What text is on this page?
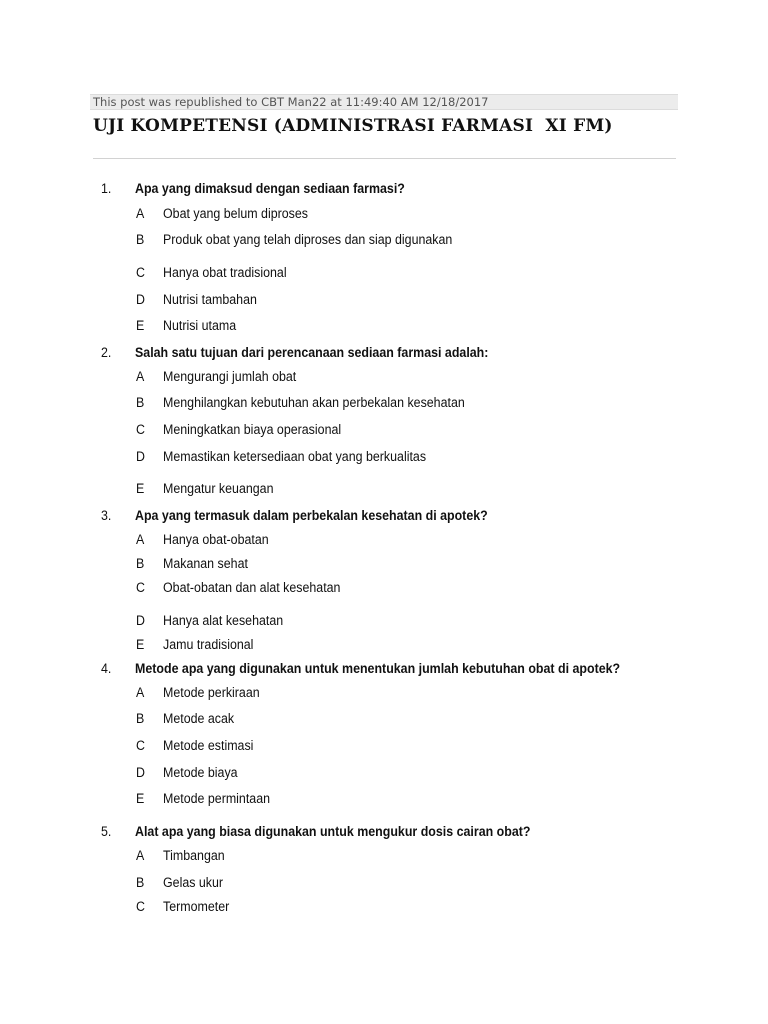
This post was republished to CBT Man22 at 11:49:40 AM 12/18/2017
UJI KOMPETENSI (ADMINISTRASI FARMASI  XI FM)
1. Apa yang dimaksud dengan sediaan farmasi?
A Obat yang belum diproses
B Produk obat yang telah diproses dan siap digunakan
C Hanya obat tradisional
D Nutrisi tambahan
E Nutrisi utama
2. Salah satu tujuan dari perencanaan sediaan farmasi adalah:
A Mengurangi jumlah obat
B Menghilangkan kebutuhan akan perbekalan kesehatan
C Meningkatkan biaya operasional
D Memastikan ketersediaan obat yang berkualitas
E Mengatur keuangan
3. Apa yang termasuk dalam perbekalan kesehatan di apotek?
A Hanya obat-obatan
B Makanan sehat
C Obat-obatan dan alat kesehatan
D Hanya alat kesehatan
E Jamu tradisional
4. Metode apa yang digunakan untuk menentukan jumlah kebutuhan obat di apotek?
A Metode perkiraan
B Metode acak
C Metode estimasi
D Metode biaya
E Metode permintaan
5. Alat apa yang biasa digunakan untuk mengukur dosis cairan obat?
A Timbangan
B Gelas ukur
C Termometer
